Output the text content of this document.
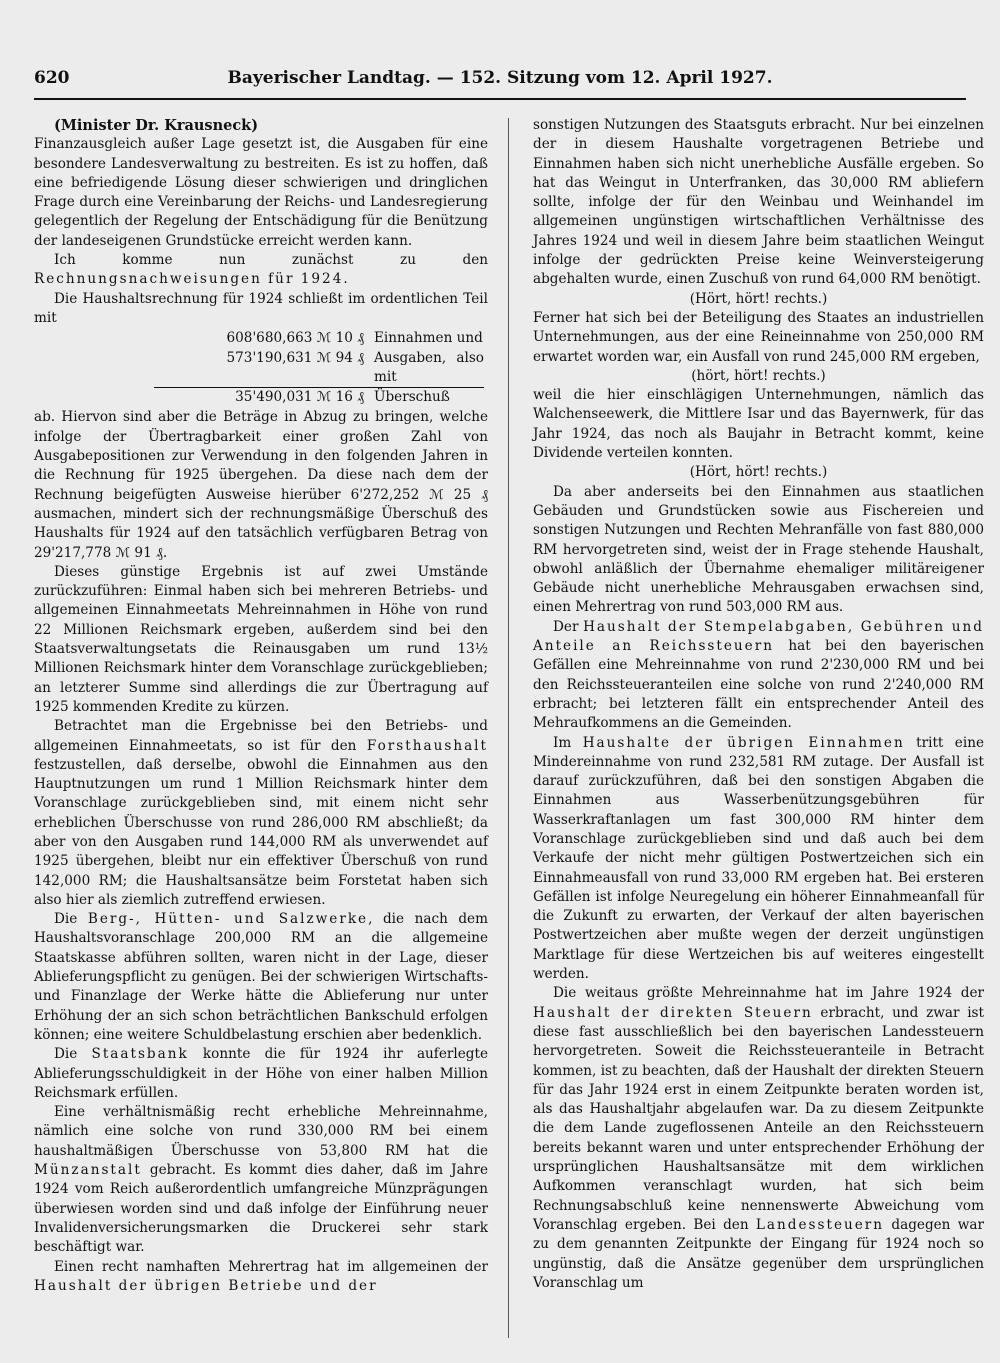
620	Bayerischer Landtag. — 152. Sitzung vom 12. April 1927.

(Minister Dr. Krausneck)

Finanzausgleich außer Lage gesetzt ist, die Ausgaben für eine besondere Landesverwaltung zu bestreiten. Es ist zu hoffen, daß eine befriedigende Lösung dieser schwierigen und dringlichen Frage durch eine Vereinbarung der Reichs- und Landesregierung gelegentlich der Regelung der Entschädigung für die Benützung der landeseigenen Grundstücke erreicht werden kann.

Ich komme nun zunächst zu den Rechnungsnachweisungen für 1924.

Die Haushaltsrechnung für 1924 schließt im ordentlichen Teil mit

608'680,663 ℳ 10 ₰ Einnahmen und
573'190,631 ℳ 94 ₰ Ausgaben, also mit
35'490,031 ℳ 16 ₰ Überschuß

ab. Hiervon sind aber die Beträge in Abzug zu bringen, welche infolge der Übertragbarkeit einer großen Zahl von Ausgabepositionen zur Verwendung in den folgenden Jahren in die Rechnung für 1925 übergehen. Da diese nach dem der Rechnung beigefügten Ausweise hierüber 6'272,252 ℳ 25 ₰ ausmachen, mindert sich der rechnungsmäßige Überschuß des Haushalts für 1924 auf den tatsächlich verfügbaren Betrag von 29'217,778 ℳ 91 ₰.

Dieses günstige Ergebnis ist auf zwei Umstände zurückzuführen: Einmal haben sich bei mehreren Betriebs- und allgemeinen Einnahmeetats Mehreinnahmen in Höhe von rund 22 Millionen Reichsmark ergeben, außerdem sind bei den Staatsverwaltungsetats die Reinausgaben um rund 13½ Millionen Reichsmark hinter dem Voranschlage zurückgeblieben; an letzterer Summe sind allerdings die zur Übertragung auf 1925 kommenden Kredite zu kürzen.

Betrachtet man die Ergebnisse bei den Betriebs- und allgemeinen Einnahmeetats, so ist für den Forsthaushalt festzustellen, daß derselbe, obwohl die Einnahmen aus den Hauptnutzungen um rund 1 Million Reichsmark hinter dem Voranschlage zurückgeblieben sind, mit einem nicht sehr erheblichen Überschusse von rund 286,000 RM abschließt; da aber von den Ausgaben rund 144,000 RM als unverwendet auf 1925 übergehen, bleibt nur ein effektiver Überschuß von rund 142,000 RM; die Haushaltsansätze beim Forstetat haben sich also hier als ziemlich zutreffend erwiesen.

Die Berg-, Hütten- und Salzwerke, die nach dem Haushaltsvoranschlage 200,000 RM an die allgemeine Staatskasse abführen sollten, waren nicht in der Lage, dieser Ablieferungspflicht zu genügen. Bei der schwierigen Wirtschafts- und Finanzlage der Werke hätte die Ablieferung nur unter Erhöhung der an sich schon beträchtlichen Bankschuld erfolgen können; eine weitere Schuldbelastung erschien aber bedenklich.

Die Staatsbank konnte die für 1924 ihr auferlegte Ablieferungsschuldigkeit in der Höhe von einer halben Million Reichsmark erfüllen.

Eine verhältnismäßig recht erhebliche Mehreinnahme, nämlich eine solche von rund 330,000 RM bei einem haushaltmäßigen Überschusse von 53,800 RM hat die Münzanstalt gebracht. Es kommt dies daher, daß im Jahre 1924 vom Reich außerordentlich umfangreiche Münzprägungen überwiesen worden sind und daß infolge der Einführung neuer Invalidenversicherungsmarken die Druckerei sehr stark beschäftigt war.

Einen recht namhaften Mehrertrag hat im allgemeinen der Haushalt der übrigen Betriebe und der

sonstigen Nutzungen des Staatsguts erbracht. Nur bei einzelnen der in diesem Haushalte vorgetragenen Betriebe und Einnahmen haben sich nicht unerhebliche Ausfälle ergeben. So hat das Weingut in Unterfranken, das 30,000 RM abliefern sollte, infolge der für den Weinbau und Weinhandel im allgemeinen ungünstigen wirtschaftlichen Verhältnisse des Jahres 1924 und weil in diesem Jahre beim staatlichen Weingut infolge der gedrückten Preise keine Weinversteigerung abgehalten wurde, einen Zuschuß von rund 64,000 RM benötigt.

(Hört, hört! rechts.)

Ferner hat sich bei der Beteiligung des Staates an industriellen Unternehmungen, aus der eine Reineinnahme von 250,000 RM erwartet worden war, ein Ausfall von rund 245,000 RM ergeben,

(hört, hört! rechts.)

weil die hier einschlägigen Unternehmungen, nämlich das Walchenseewerk, die Mittlere Isar und das Bayernwerk, für das Jahr 1924, das noch als Baujahr in Betracht kommt, keine Dividende verteilen konnten.

(Hört, hört! rechts.)

Da aber anderseits bei den Einnahmen aus staatlichen Gebäuden und Grundstücken sowie aus Fischereien und sonstigen Nutzungen und Rechten Mehranfälle von fast 880,000 RM hervorgetreten sind, weist der in Frage stehende Haushalt, obwohl anläßlich der Übernahme ehemaliger militäreigener Gebäude nicht unerhebliche Mehrausgaben erwachsen sind, einen Mehrertrag von rund 503,000 RM aus.

Der Haushalt der Stempelabgaben, Gebühren und Anteile an Reichssteuern hat bei den bayerischen Gefällen eine Mehreinnahme von rund 2'230,000 RM und bei den Reichssteueranteilen eine solche von rund 2'240,000 RM erbracht; bei letzteren fällt ein entsprechender Anteil des Mehraufkommens an die Gemeinden.

Im Haushalte der übrigen Einnahmen tritt eine Mindereinnahme von rund 232,581 RM zutage. Der Ausfall ist darauf zurückzuführen, daß bei den sonstigen Abgaben die Einnahmen aus Wasserbenützungsgebühren für Wasserkraftanlagen um fast 300,000 RM hinter dem Voranschlage zurückgeblieben sind und daß auch bei dem Verkaufe der nicht mehr gültigen Postwertzeichen sich ein Einnahmeausfall von rund 33,000 RM ergeben hat. Bei ersteren Gefällen ist infolge Neuregelung ein höherer Einnahmeanfall für die Zukunft zu erwarten, der Verkauf der alten bayerischen Postwertzeichen aber mußte wegen der derzeit ungünstigen Marktlage für diese Wertzeichen bis auf weiteres eingestellt werden.

Die weitaus größte Mehreinnahme hat im Jahre 1924 der Haushalt der direkten Steuern erbracht, und zwar ist diese fast ausschließlich bei den bayerischen Landessteuern hervorgetreten. Soweit die Reichssteueranteile in Betracht kommen, ist zu beachten, daß der Haushalt der direkten Steuern für das Jahr 1924 erst in einem Zeitpunkte beraten worden ist, als das Haushaltjahr abgelaufen war. Da zu diesem Zeitpunkte die dem Lande zugeflossenen Anteile an den Reichssteuern bereits bekannt waren und unter entsprechender Erhöhung der ursprünglichen Haushaltsansätze mit dem wirklichen Aufkommen veranschlagt wurden, hat sich beim Rechnungsabschluß keine nennenswerte Abweichung vom Voranschlag ergeben. Bei den Landessteuern dagegen war zu dem genannten Zeitpunkte der Eingang für 1924 noch so ungünstig, daß die Ansätze gegenüber dem ursprünglichen Voranschlag um
